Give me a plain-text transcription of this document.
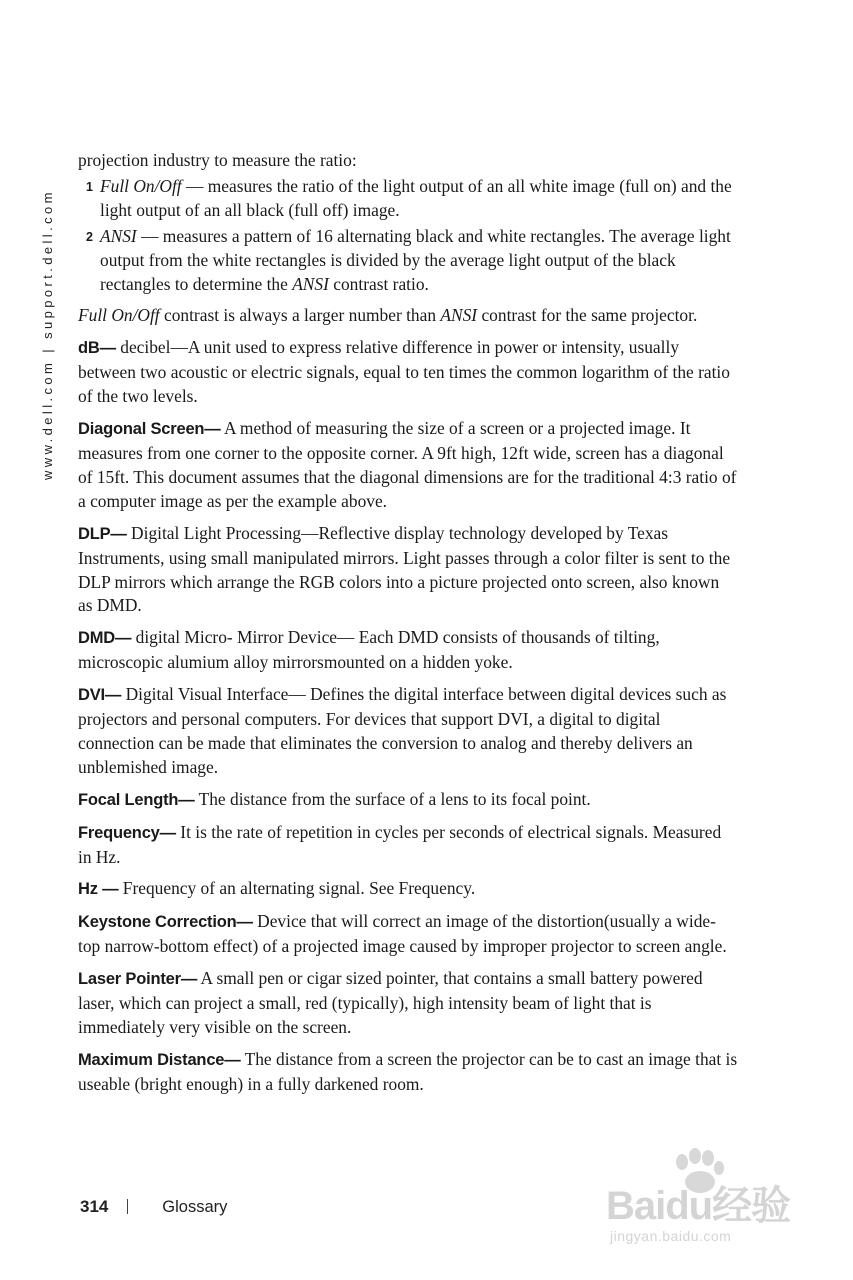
www.dell.com | support.dell.com

projection industry to measure the ratio:

1 Full On/Off — measures the ratio of the light output of an all white image (full on) and the light output of an all black (full off) image.
2 ANSI — measures a pattern of 16 alternating black and white rectangles. The average light output from the white rectangles is divided by the average light output of the black rectangles to determine the ANSI contrast ratio.

Full On/Off contrast is always a larger number than ANSI contrast for the same projector.

dB— decibel—A unit used to express relative difference in power or intensity, usually between two acoustic or electric signals, equal to ten times the common logarithm of the ratio of the two levels.

Diagonal Screen— A method of measuring the size of a screen or a projected image. It measures from one corner to the opposite corner. A 9ft high, 12ft wide, screen has a diagonal of 15ft. This document assumes that the diagonal dimensions are for the traditional 4:3 ratio of a computer image as per the example above.

DLP— Digital Light Processing—Reflective display technology developed by Texas Instruments, using small manipulated mirrors. Light passes through a color filter is sent to the DLP mirrors which arrange the RGB colors into a picture projected onto screen, also known as DMD.

DMD— digital Micro- Mirror Device— Each DMD consists of thousands of tilting, microscopic alumium alloy mirrorsmounted on a hidden yoke.

DVI— Digital Visual Interface— Defines the digital interface between digital devices such as projectors and personal computers. For devices that support DVI, a digital to digital connection can be made that eliminates the conversion to analog and thereby delivers an unblemished image.

Focal Length— The distance from the surface of a lens to its focal point.

Frequency— It is the rate of repetition in cycles per seconds of electrical signals. Measured in Hz.

Hz — Frequency of an alternating signal. See Frequency.

Keystone Correction— Device that will correct an image of the distortion(usually a wide-top narrow-bottom effect) of a projected image caused by improper projector to screen angle.

Laser Pointer— A small pen or cigar sized pointer, that contains a small battery powered laser, which can project a small, red (typically), high intensity beam of light that is immediately very visible on the screen.

Maximum Distance— The distance from a screen the projector can be to cast an image that is useable (bright enough) in a fully darkened room.

314	Glossary	Baidu经验
jingyan.baidu.com
